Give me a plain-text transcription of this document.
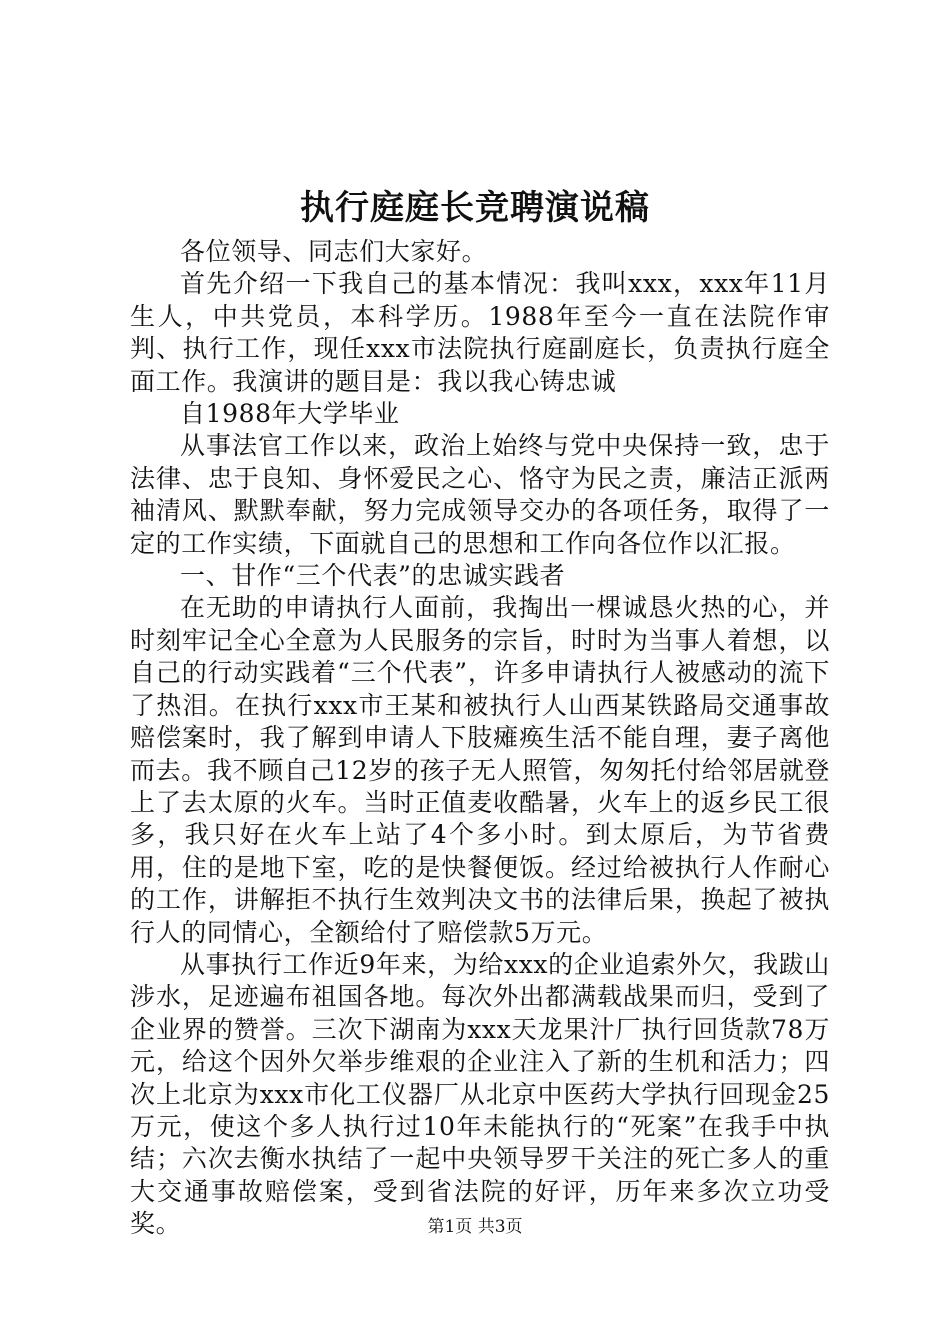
执行庭庭长竞聘演说稿

各位领导、同志们大家好。

首先介绍一下我自己的基本情况：我叫xxx，xxx年11月生人，中共党员，本科学历。1988年至今一直在法院作审判、执行工作，现任xxx市法院执行庭副庭长，负责执行庭全面工作。我演讲的题目是：我以我心铸忠诚

自1988年大学毕业

从事法官工作以来，政治上始终与党中央保持一致，忠于法律、忠于良知、身怀爱民之心、恪守为民之责，廉洁正派两袖清风、默默奉献，努力完成领导交办的各项任务，取得了一定的工作实绩，下面就自己的思想和工作向各位作以汇报。

一、甘作“三个代表”的忠诚实践者

在无助的申请执行人面前，我掏出一棵诚恳火热的心，并时刻牢记全心全意为人民服务的宗旨，时时为当事人着想，以自己的行动实践着“三个代表”，许多申请执行人被感动的流下了热泪。在执行xxx市王某和被执行人山西某铁路局交通事故赔偿案时，我了解到申请人下肢瘫痪生活不能自理，妻子离他而去。我不顾自己12岁的孩子无人照管，匆匆托付给邻居就登上了去太原的火车。当时正值麦收酷暑，火车上的返乡民工很多，我只好在火车上站了4个多小时。到太原后，为节省费用，住的是地下室，吃的是快餐便饭。经过给被执行人作耐心的工作，讲解拒不执行生效判决文书的法律后果，换起了被执行人的同情心，全额给付了赔偿款5万元。

从事执行工作近9年来，为给xxx的企业追索外欠，我跋山涉水，足迹遍布祖国各地。每次外出都满载战果而归，受到了企业界的赞誉。三次下湖南为xxx天龙果汁厂执行回货款78万元，给这个因外欠举步维艰的企业注入了新的生机和活力；四次上北京为xxx市化工仪器厂从北京中医药大学执行回现金25万元，使这个多人执行过10年未能执行的“死案”在我手中执结；六次去衡水执结了一起中央领导罗干关注的死亡多人的重大交通事故赔偿案，受到省法院的好评，历年来多次立功受奖。	第1页 共3页
